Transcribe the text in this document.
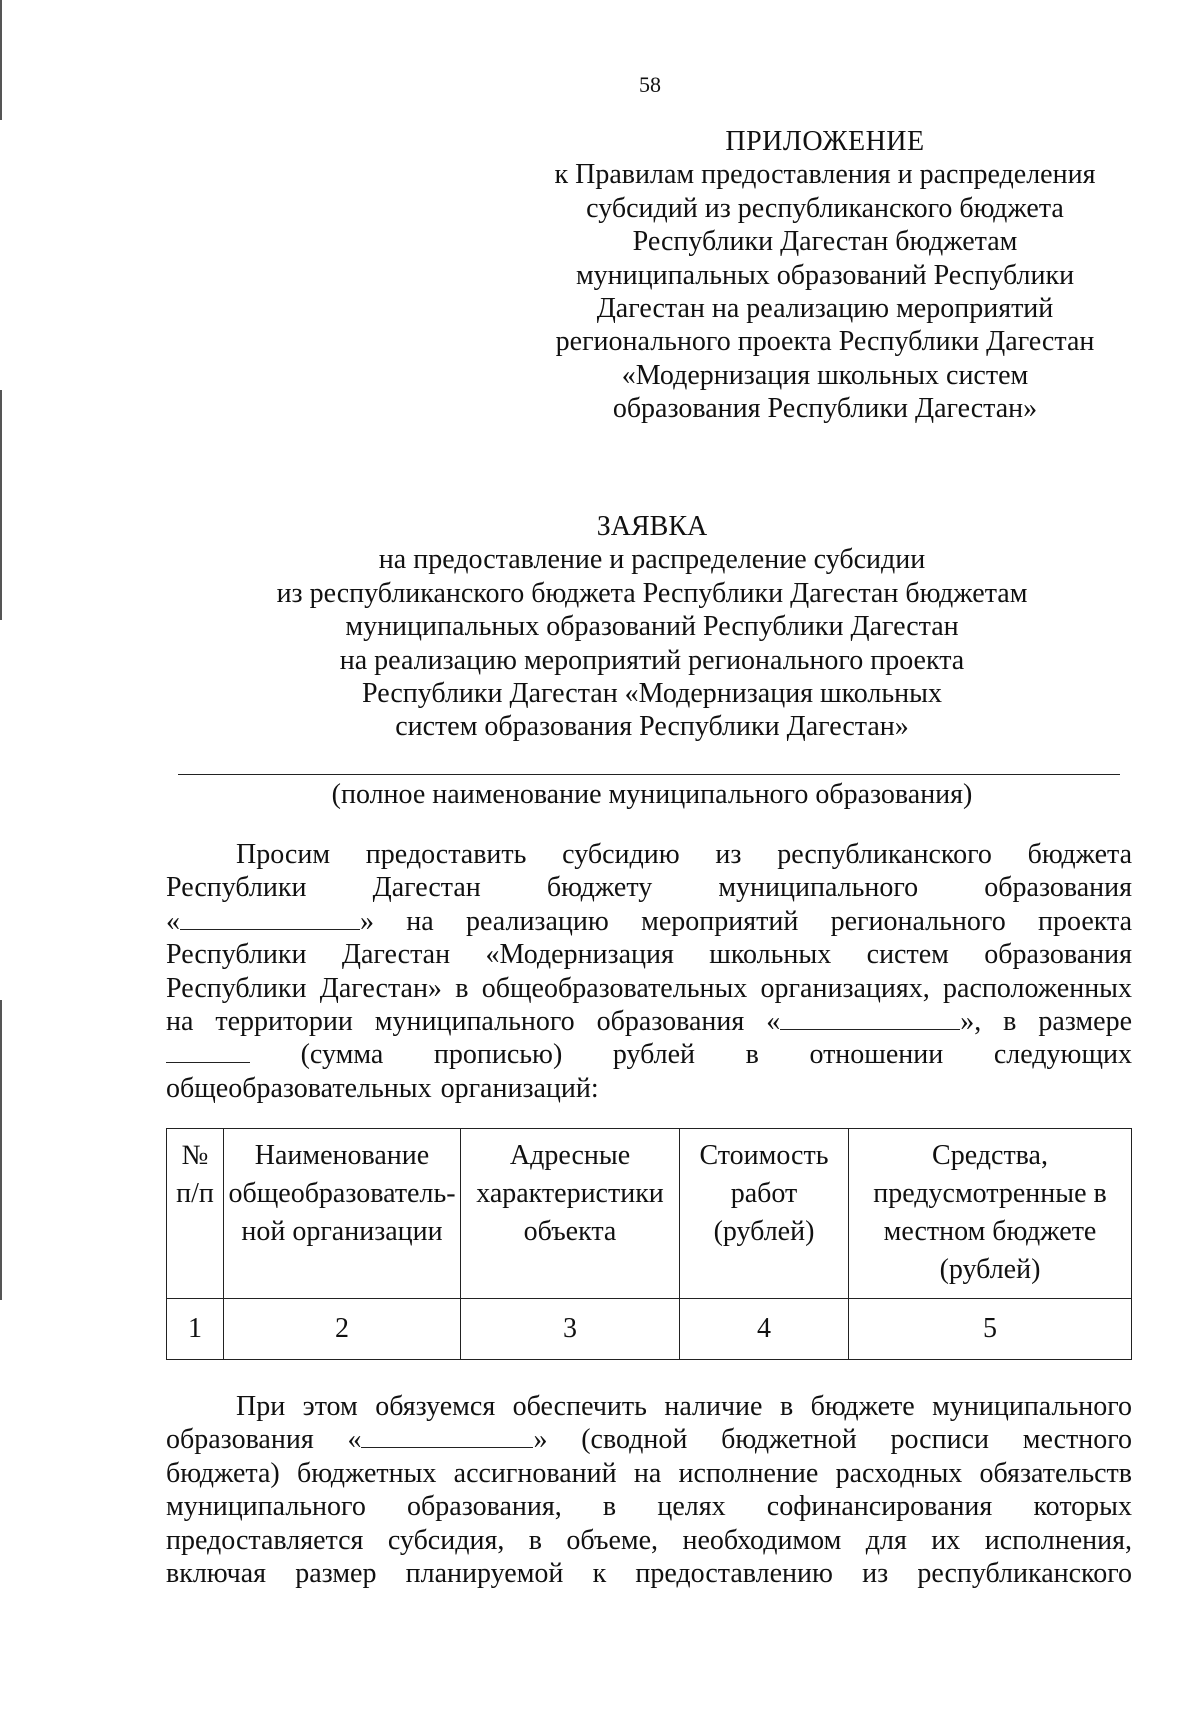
58
ПРИЛОЖЕНИЕ
к Правилам предоставления и распределения
субсидий из республиканского бюджета
Республики Дагестан бюджетам
муниципальных образований Республики
Дагестан на реализацию мероприятий
регионального проекта Республики Дагестан
«Модернизация школьных систем
образования Республики Дагестан»
ЗАЯВКА
на предоставление и распределение субсидии
из республиканского бюджета Республики Дагестан бюджетам
муниципальных образований Республики Дагестан
на реализацию мероприятий регионального проекта
Республики Дагестан «Модернизация школьных
систем образования Республики Дагестан»
(полное наименование муниципального образования)
Просим предоставить субсидию из республиканского бюджета
Республики Дагестан бюджету муниципального образования
«	» на реализацию мероприятий регионального проекта
Республики Дагестан «Модернизация школьных систем образования
Республики Дагестан» в общеобразовательных организациях, расположенных
на территории муниципального образования «	», в размере
(сумма прописью) рублей в отношении следующих
общеобразовательных организаций:
№ п/п	Наименование общеобразователь-ной организации	Адресные характеристики объекта	Стоимость работ (рублей)	Средства, предусмотренные в местном бюджете (рублей)
1	2	3	4	5
При этом обязуемся обеспечить наличие в бюджете муниципального
образования «	» (сводной бюджетной росписи местного
бюджета) бюджетных ассигнований на исполнение расходных обязательств
муниципального образования, в целях софинансирования которых
предоставляется субсидия, в объеме, необходимом для их исполнения,
включая размер планируемой к предоставлению из республиканского
